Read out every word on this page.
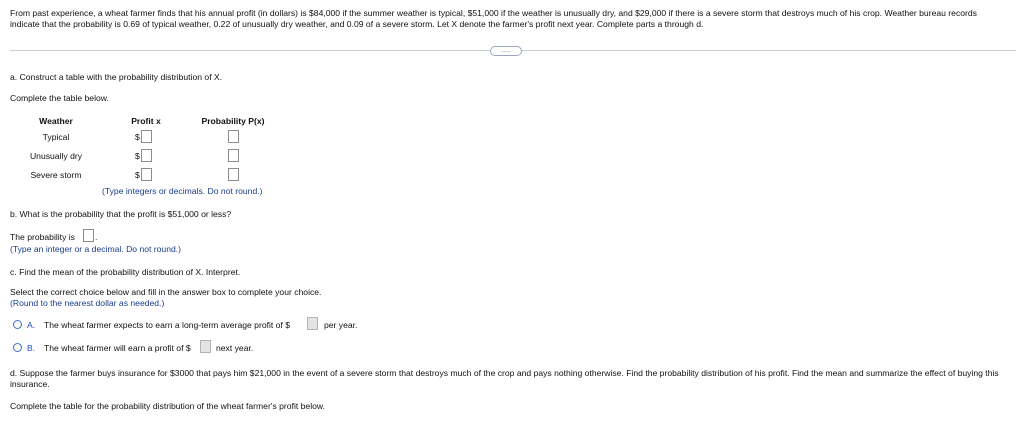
From past experience, a wheat farmer finds that his annual profit (in dollars) is $84,000 if the summer weather is typical, $51,000 if the weather is unusually dry, and $29,000 if there is a severe storm that destroys much of his crop. Weather bureau records indicate that the probability is 0.69 of typical weather, 0.22 of unusually dry weather, and 0.09 of a severe storm. Let X denote the farmer's profit next year. Complete parts a through d.
.....
a. Construct a table with the probability distribution of X.
Complete the table below.
Weather	Profit x	Probability P(x)
Typical	$
Unusually dry	$
Severe storm	$
(Type integers or decimals. Do not round.)
b. What is the probability that the profit is $51,000 or less?
The probability is .
(Type an integer or a decimal. Do not round.)
c. Find the mean of the probability distribution of X. Interpret.
Select the correct choice below and fill in the answer box to complete your choice.
(Round to the nearest dollar as needed.)
A. The wheat farmer expects to earn a long-term average profit of $	per year.
B. The wheat farmer will earn a profit of $	next year.
d. Suppose the farmer buys insurance for $3000 that pays him $21,000 in the event of a severe storm that destroys much of the crop and pays nothing otherwise. Find the probability distribution of his profit. Find the mean and summarize the effect of buying this insurance.
Complete the table for the probability distribution of the wheat farmer's profit below.
